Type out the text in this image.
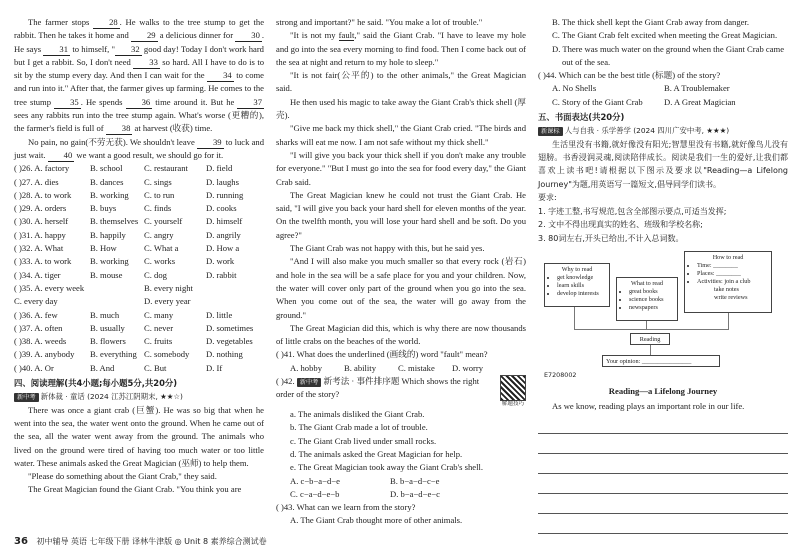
The farmer stops 28 . He walks to the tree stump to get the rabbit. Then he takes it home and 29 a delicious dinner for 30 . He says 31 to himself, " 32 good day! Today I don't work hard but I get a rabbit. So, I don't need 33 so hard. All I have to do is to sit by the stump every day. And then I can wait for the 34 to come and run into it." After that, the farmer gives up farming. He comes to the tree stump 35 . He spends 36 time around it. But he 37 sees any rabbits run into the tree stump again. What's worse (更糟的), the farmer's field is full of 38 at harvest (收获) time.

No pain, no gain(不劳无获). We shouldn't leave 39 to luck and just wait. 40 we want a good result, we should go for it.

( )26. A. factory	B. school	C. restaurant	D. field
( )27. A. dies	B. dances	C. sings	D. laughs
( )28. A. to work	B. working	C. to run	D. running
( )29. A. orders	B. buys	C. finds	D. cooks
( )30. A. herself	B. themselves C. yourself	D. himself
( )31. A. happy	B. happily	C. angry	D. angrily
( )32. A. What	B. How	C. What a	D. How a
( )33. A. to work	B. working	C. works	D. work
( )34. A. tiger	B. mouse	C. dog	D. rabbit
( )35. A. every week	B. every night
C. every day	D. every year
( )36. A. few	B. much	C. many	D. little
( )37. A. often	B. usually	C. never	D. sometimes
( )38. A. weeds	B. flowers	C. fruits	D. vegetables
( )39. A. anybody	B. everything C. somebody	D. nothing
( )40. A. Or	B. And	C. But	D. If
四、阅读理解(共4小题;每小题5分,共20分)
新中考 新体裁 · 童话 (2024 江苏江阴期末, ★★☆)

There was once a giant crab (巨蟹). He was so big that when he went into the sea, the water went onto the ground. When he came out of the sea, all the water went away from the ground. The animals who lived on the ground were tired of having too much water or too little water. These animals asked the Great Magician (巫师) to help them.

"Please do something about the Giant Crab," they said.

The Great Magician found the Giant Crab. "You think you are

strong and important?" he said. "You make a lot of trouble."

"It is not my fault," said the Giant Crab. "I have to leave my hole and go into the sea every morning to find food. Then I come back out of the sea at night and return to my hole to sleep."

"It is not fair(公平的) to the other animals," the Great Magician said.

He then used his magic to take away the Giant Crab's thick shell (厚壳).

"Give me back my thick shell," the Giant Crab cried. "The birds and sharks will eat me now. I am not safe without my thick shell."

"I will give you back your thick shell if you don't make any trouble for everyone." "But I must go into the sea for food every day," the Giant Crab said.

The Great Magician knew he could not trust the Giant Crab. He said, "I will give you back your hard shell for eleven months of the year. On the twelfth month, you will lose your hard shell and be soft. Do you agree?"

The Giant Crab was not happy with this, but he said yes.

"And I will also make you much smaller so that every rock (岩石) and hole in the sea will be a safe place for you and your children. Now, the water will cover only part of the ground when you go into the sea. When you come out of the sea, the water will go away from the ground."

The Great Magician did this, which is why there are now thousands of little crabs on the beaches of the world.

( )41. What does the underlined (画线的) word "fault" mean?
A. hobby	B. ability	C. mistake	D. worry
( )42. 新中考 新考法 · 事件排序题 Which shows the right order of the story?

解题技巧
a. The animals disliked the Giant Crab.
b. The Giant Crab made a lot of trouble.
c. The Giant Crab lived under small rocks.
d. The animals asked the Great Magician for help.
e. The Great Magician took away the Giant Crab's shell.
A. c−b−a−d−e	B. b−a−d−c−e
C. c−a−d−e−b	D. b−a−d−e−c
( )43. What can we learn from the story?
A. The Giant Crab thought more of other animals.
B. The thick shell kept the Giant Crab away from danger.
C. The Giant Crab felt excited when meeting the Great Magician.
D. There was much water on the ground when the Giant Crab came out of the sea.
( )44. Which can be the best title (标题) of the story?
A. No Shells	B. A Troublemaker
C. Story of the Giant Crab	D. A Great Magician
五、书面表达(共20分)
新课标 人与自我 · 乐学善学 (2024 四川广安中考, ★★★)

生活里没有书籍,就好像没有阳光;智慧里没有书籍,就好像鸟儿没有翅膀。书香浸润灵魂,阅读陪伴成长。阅读是我们一生的爱好,让我们都喜欢上读书吧!请根据以下图示及要求以"Reading—a Lifelong Journey"为题,用英语写一篇短文,倡导同学们读书。

要求:
1. 字迹工整,书写规范,包含全部图示要点,可适当发挥;
2. 文中不得出现真实的姓名、班级和学校名称;
3. 80词左右,开头已给出,不计入总词数。
Why to read
• get knowledge
• learn skills
• develop interests
What to read
• great books
• science books
• newspapers
How to read
• Time: ________
• Places: ________
• Activities: join a club
take notes
write reviews
Reading
Your opinion: ________________
E7208002

Reading—a Lifelong Journey

As we know, reading plays an important role in our life.

36 初中辅导 英语 七年级下册 译林牛津版 ◎ Unit 8 素养综合测试卷
